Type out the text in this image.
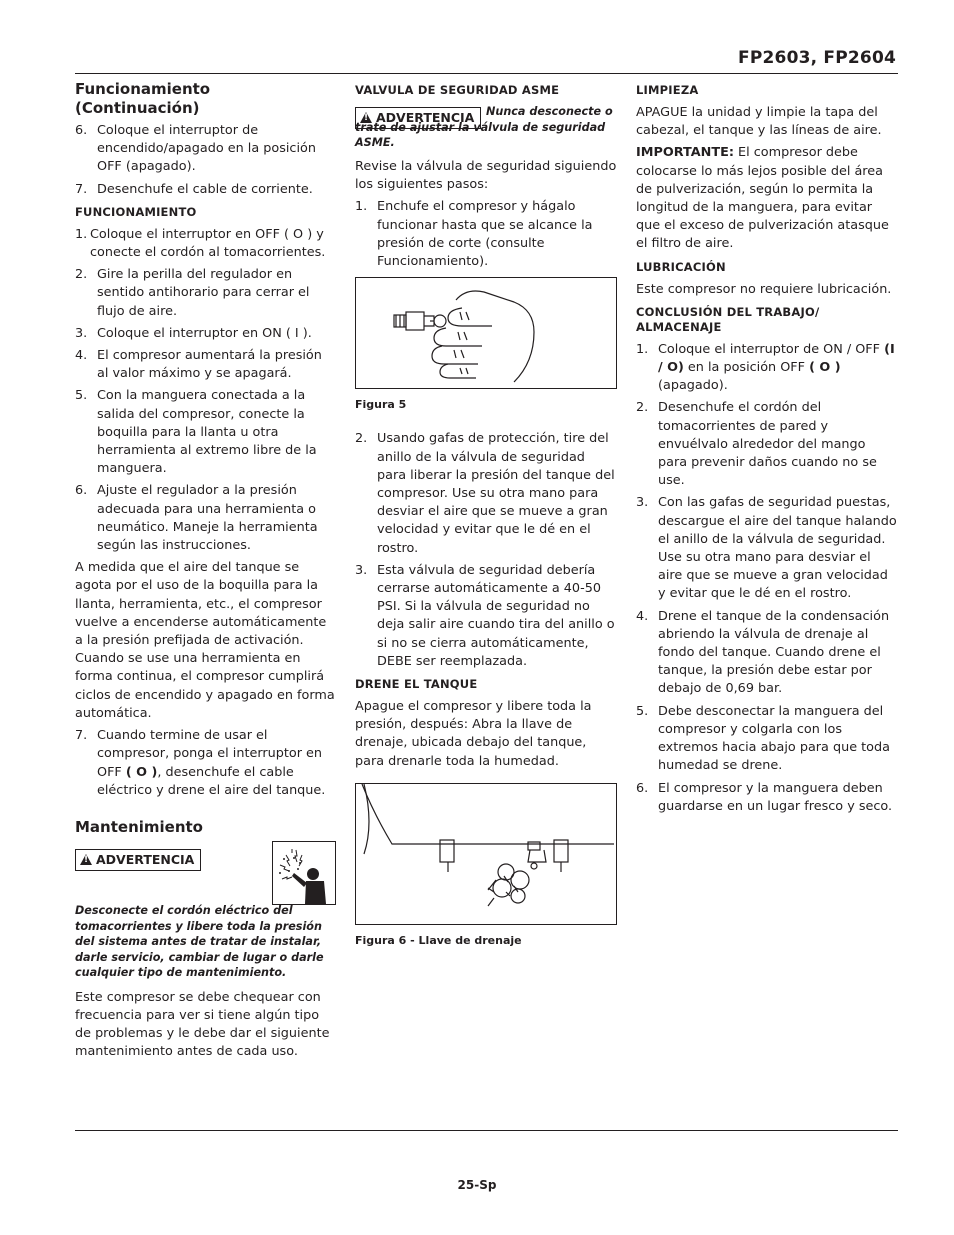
FP2603, FP2604
Funcionamiento (Continuación)
6. Coloque el interruptor de encendido/apagado en la posición OFF (apagado).
7. Desenchufe el cable de corriente.
FUNCIONAMIENTO
1. Coloque el interruptor en OFF ( O ) y conecte el cordón al tomacorrientes.
2. Gire la perilla del regulador en sentido antihorario para cerrar el flujo de aire.
3. Coloque el interruptor en ON ( I ).
4. El compresor aumentará la presión al valor máximo y se apagará.
5. Con la manguera conectada a la salida del compresor, conecte la boquilla para la llanta u otra herramienta al extremo libre de la manguera.
6. Ajuste el regulador a la presión adecuada para una herramienta o neumático. Maneje la herramienta según las instrucciones.

A medida que el aire del tanque se agota por el uso de la boquilla para la llanta, herramienta, etc., el compresor vuelve a encenderse automáticamente a la presión prefijada de activación. Cuando se use una herramienta en forma continua, el compresor cumplirá ciclos de encendido y apagado en forma automática.

7. Cuando termine de usar el compresor, ponga el interruptor en OFF ( O ), desenchufe el cable eléctrico y drene el aire del tanque.
Mantenimiento
!ADVERTENCIA

Desconecte el cordón eléctrico del tomacorrientes y libere toda la presión del sistema antes de tratar de instalar, darle servicio, cambiar de lugar o darle cualquier tipo de mantenimiento.

Este compresor se debe chequear con frecuencia para ver si tiene algún tipo de problemas y le debe dar el siguiente mantenimiento antes de cada uso.

VALVULA DE SEGURIDAD ASME
!ADVERTENCIA	Nunca desconecte o trate de ajustar la válvula de seguridad ASME.

Revise la válvula de seguridad siguiendo los siguientes pasos:

1. Enchufe el compresor y hágalo funcionar hasta que se alcance la presión de corte (consulte Funcionamiento).
Figura 5
2. Usando gafas de protección, tire del anillo de la válvula de seguridad para liberar la presión del tanque del compresor. Use su otra mano para desviar el aire que se mueve a gran velocidad y evitar que le dé en el rostro.
3. Esta válvula de seguridad debería cerrarse automáticamente a 40-50 PSI. Si la válvula de seguridad no deja salir aire cuando tira del anillo o si no se cierra automáticamente, DEBE ser reemplazada.
DRENE EL TANQUE

Apague el compresor y libere toda la presión, después: Abra la llave de drenaje, ubicada debajo del tanque, para drenarle toda la humedad.

Figura 6 - Llave de drenaje
LIMPIEZA

APAGUE la unidad y limpie la tapa del cabezal, el tanque y las líneas de aire.

IMPORTANTE: El compresor debe colocarse lo más lejos posible del área de pulverización, según lo permita la longitud de la manguera, para evitar que el exceso de pulverización atasque el filtro de aire.

LUBRICACIÓN

Este compresor no requiere lubricación.

CONCLUSIÓN DEL TRABAJO/ ALMACENAJE
1. Coloque el interruptor de ON / OFF (I / O) en la posición OFF ( O ) (apagado).
2. Desenchufe el cordón del tomacorrientes de pared y envuélvalo alrededor del mango para prevenir daños cuando no se use.
3. Con las gafas de seguridad puestas, descargue el aire del tanque halando el anillo de la válvula de seguridad. Use su otra mano para desviar el aire que se mueve a gran velocidad y evitar que le dé en el rostro.
4. Drene el tanque de la condensación abriendo la válvula de drenaje al fondo del tanque. Cuando drene el tanque, la presión debe estar por debajo de 0,69 bar.
5. Debe desconectar la manguera del compresor y colgarla con los extremos hacia abajo para que toda humedad se drene.
6. El compresor y la manguera deben guardarse en un lugar fresco y seco.
25-Sp
